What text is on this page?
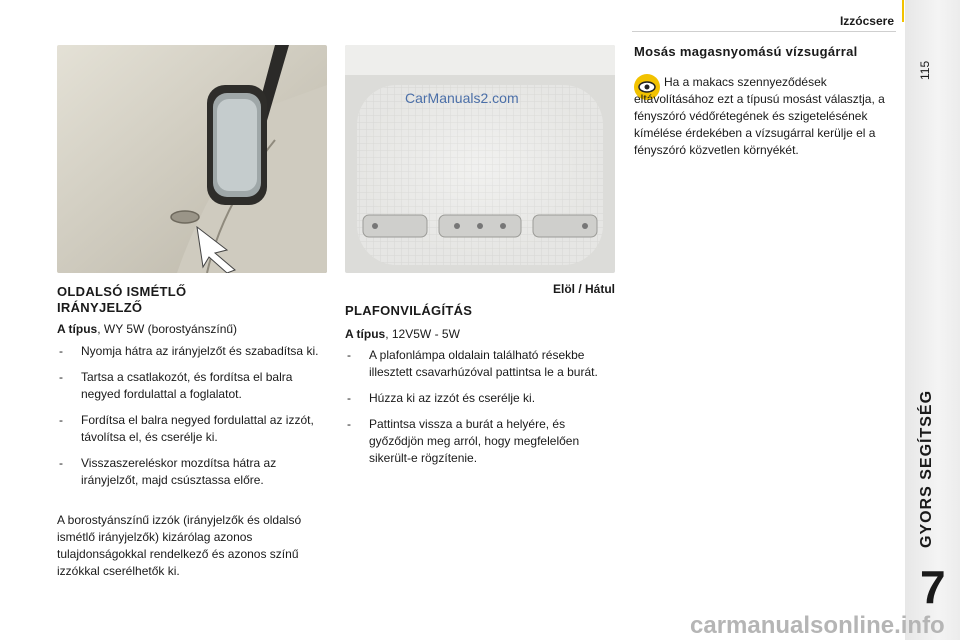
Izzócsere
115
GYORS SEGÍTSÉG
7
CarManuals2.com
OLDALSÓ ISMÉTLŐ IRÁNYJELZŐ

A típus, WY 5W (borostyánszínű)

- Nyomja hátra az irányjelzőt és szabadítsa ki.
- Tartsa a csatlakozót, és fordítsa el balra negyed fordulattal a foglalatot.
- Fordítsa el balra negyed fordulattal az izzót, távolítsa el, és cserélje ki.
- Visszaszereléskor mozdítsa hátra az irányjelzőt, majd csúsztassa előre.

A borostyánszínű izzók (irányjelzők és oldalsó ismétlő irányjelzők) kizárólag azonos tulajdonságokkal rendelkező és azonos színű izzókkal cserélhetők ki.

Elöl / Hátul
PLAFONVILÁGÍTÁS

A típus, 12V5W - 5W

- A plafonlámpa oldalain található résekbe illesztett csavarhúzóval pattintsa le a burát.
- Húzza ki az izzót és cserélje ki.
- Pattintsa vissza a burát a helyére, és győződjön meg arról, hogy megfelelően sikerült-e rögzítenie.
Mosás magasnyomású vízsugárral

Ha a makacs szennyeződések eltávolításához ezt a típusú mosást választja, a fényszóró védőrétegének és szigetelésének kímélése érdekében a vízsugárral kerülje el a fényszóró közvetlen környékét.

carmanualsonline.info
